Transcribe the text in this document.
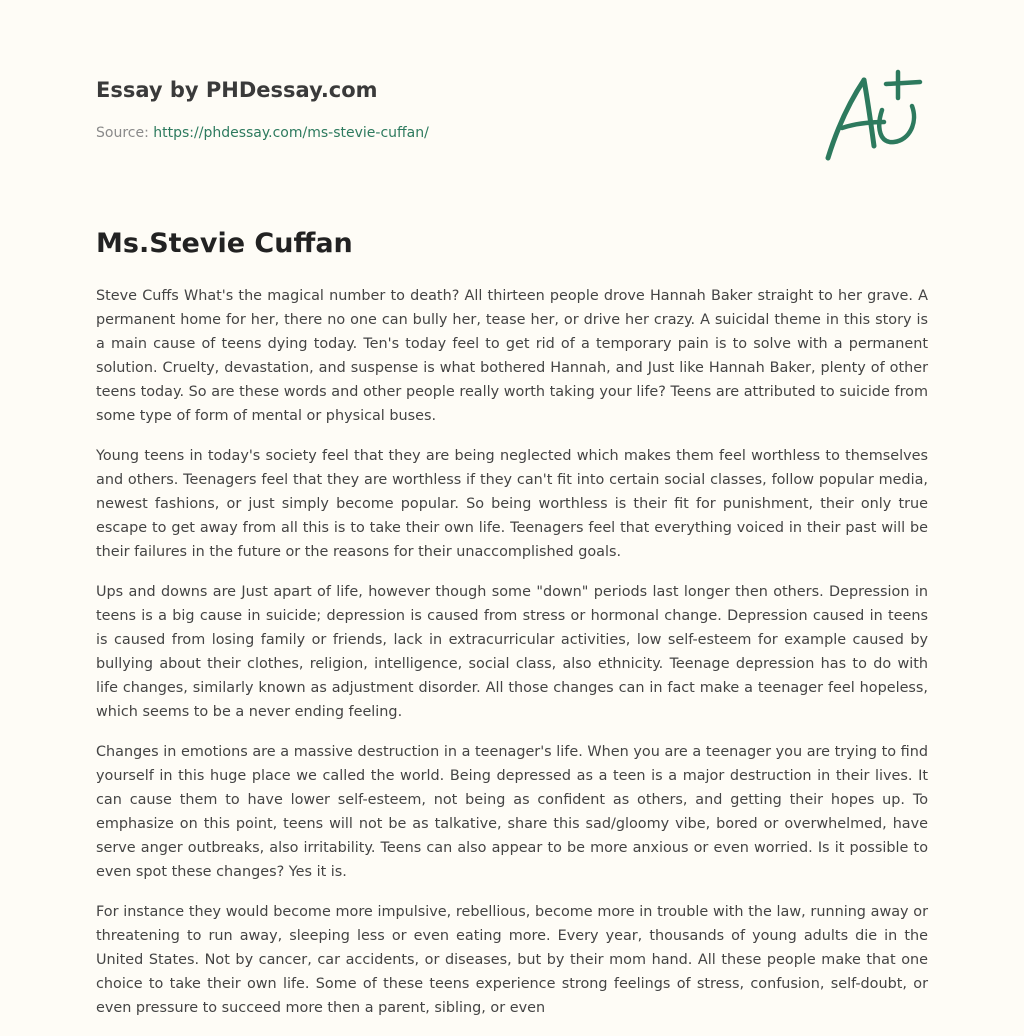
Essay by PHDessay.com
Source: https://phdessay.com/ms-stevie-cuffan/
Ms.Stevie Cuffan

Steve Cuffs What's the magical number to death? All thirteen people drove Hannah Baker straight to her grave. A permanent home for her, there no one can bully her, tease her, or drive her crazy. A suicidal theme in this story is a main cause of teens dying today. Ten's today feel to get rid of a temporary pain is to solve with a permanent solution. Cruelty, devastation, and suspense is what bothered Hannah, and Just like Hannah Baker, plenty of other teens today. So are these words and other people really worth taking your life? Teens are attributed to suicide from some type of form of mental or physical buses.

Young teens in today's society feel that they are being neglected which makes them feel worthless to themselves and others. Teenagers feel that they are worthless if they can't fit into certain social classes, follow popular media, newest fashions, or just simply become popular. So being worthless is their fit for punishment, their only true escape to get away from all this is to take their own life. Teenagers feel that everything voiced in their past will be their failures in the future or the reasons for their unaccomplished goals.

Ups and downs are Just apart of life, however though some "down" periods last longer then others. Depression in teens is a big cause in suicide; depression is caused from stress or hormonal change. Depression caused in teens is caused from losing family or friends, lack in extracurricular activities, low self-esteem for example caused by bullying about their clothes, religion, intelligence, social class, also ethnicity. Teenage depression has to do with life changes, similarly known as adjustment disorder. All those changes can in fact make a teenager feel hopeless, which seems to be a never ending feeling.

Changes in emotions are a massive destruction in a teenager's life. When you are a teenager you are trying to find yourself in this huge place we called the world. Being depressed as a teen is a major destruction in their lives. It can cause them to have lower self-esteem, not being as confident as others, and getting their hopes up. To emphasize on this point, teens will not be as talkative, share this sad/gloomy vibe, bored or overwhelmed, have serve anger outbreaks, also irritability. Teens can also appear to be more anxious or even worried. Is it possible to even spot these changes? Yes it is.

For instance they would become more impulsive, rebellious, become more in trouble with the law, running away or threatening to run away, sleeping less or even eating more. Every year, thousands of young adults die in the United States. Not by cancer, car accidents, or diseases, but by their mom hand. All these people make that one choice to take their own life. Some of these teens experience strong feelings of stress, confusion, self-doubt, or even pressure to succeed more then a parent, sibling, or even
